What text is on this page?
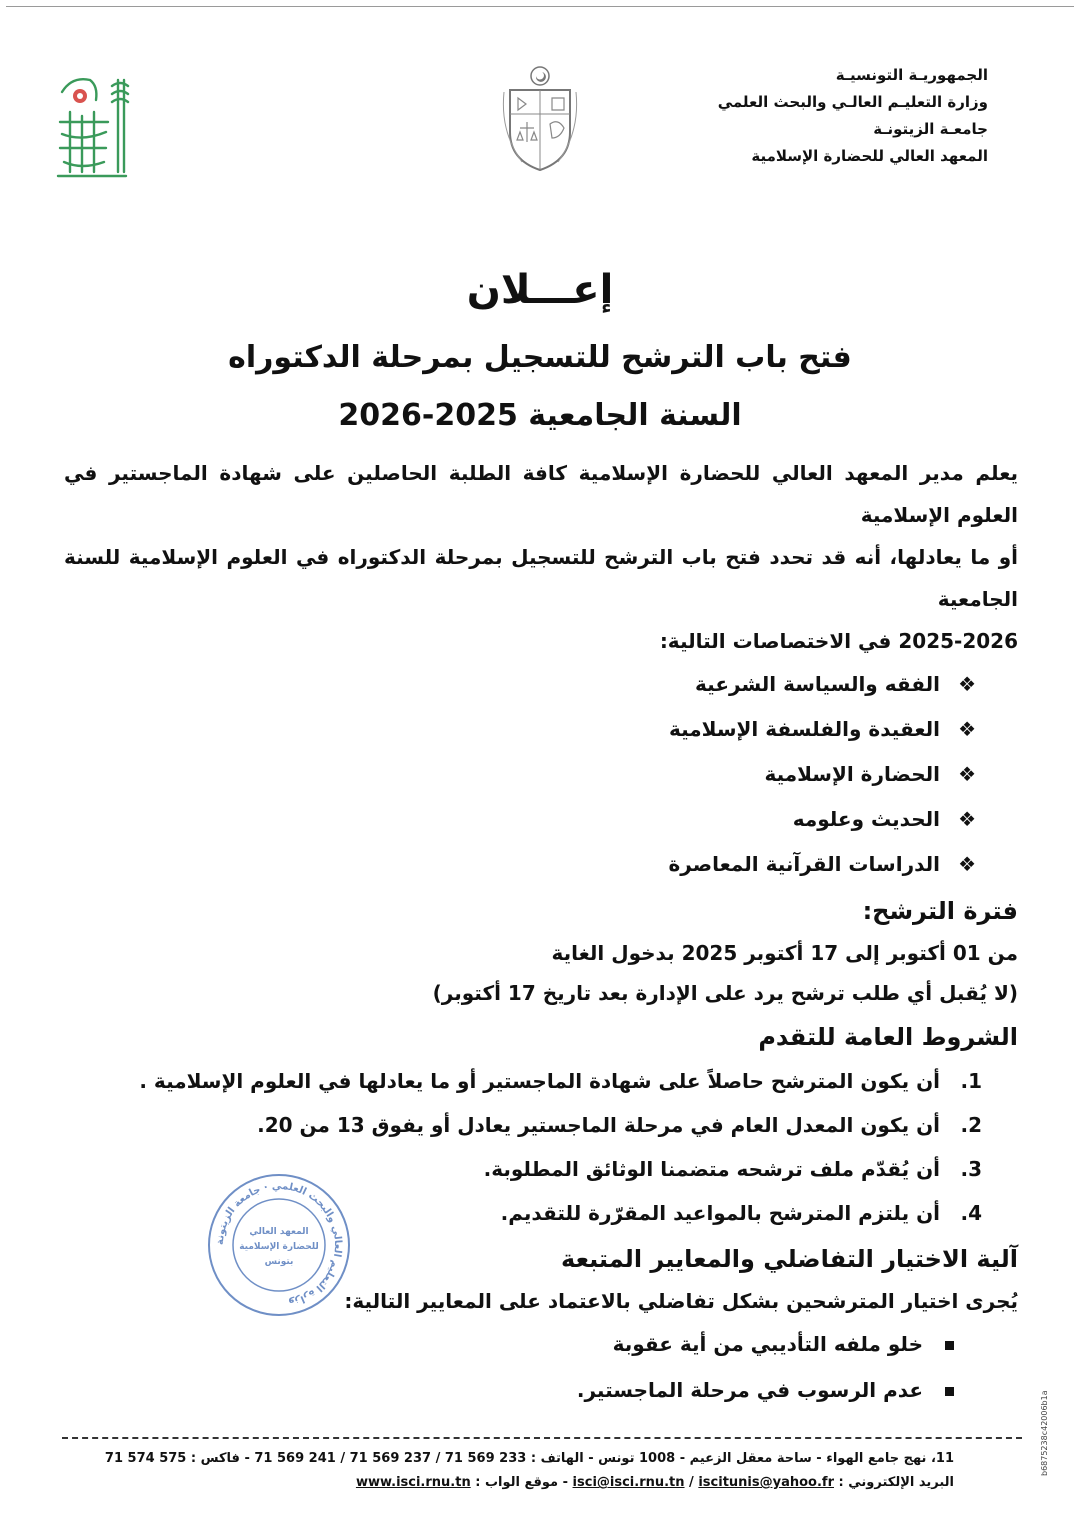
الجمهوريـة التونسيـة
وزارة التعليـم العالـي والبحث العلمي
جامعـة الزيتونـة
المعهد العالي للحضارة الإسلامية
إعـــلان
فتح باب الترشح للتسجيل بمرحلة الدكتوراه
السنة الجامعية 2025-2026
يعلم مدير المعهد العالي للحضارة الإسلامية كافة الطلبة الحاصلين على شهادة الماجستير في العلوم الإسلامية
أو ما يعادلها، أنه قد تحدد فتح باب الترشح للتسجيل بمرحلة الدكتوراه في العلوم الإسلامية للسنة الجامعية
2025-2026 في الاختصاصات التالية:
❖الفقه والسياسة الشرعية
❖العقيدة والفلسفة الإسلامية
❖الحضارة الإسلامية
❖الحديث وعلومه
❖الدراسات القرآنية المعاصرة
فترة الترشح:
من 01 أكتوبر إلى 17 أكتوبر 2025 بدخول الغاية
(لا يُقبل أي طلب ترشح يرد على الإدارة بعد تاريخ 17 أكتوبر)
الشروط العامة للتقدم
1.أن يكون المترشح حاصلاً على شهادة الماجستير أو ما يعادلها في العلوم الإسلامية .
2.أن يكون المعدل العام في مرحلة الماجستير يعادل أو يفوق 13 من 20.
3.أن يُقدّم ملف ترشحه متضمنا الوثائق المطلوبة.
4.أن يلتزم المترشح بالمواعيد المقرّرة للتقديم.
آلية الاختيار التفاضلي والمعايير المتبعة
يُجرى اختيار المترشحين بشكل تفاضلي بالاعتماد على المعايير التالية:
خلو ملفه التأديبي من أية عقوبة
عدم الرسوب في مرحلة الماجستير.
وزارة التعليم العالي والبحث العلمي · جامعة الزيتونة
المعهد العالي
للحضارة الإسلامية
بتونس
11، نهج جامع الهواء - ساحة معقل الزعيم - 1008 تونس - الهاتف : 233 569 71 / 237 569 71 / 241 569 71 - فاكس : 575 574 71
البريد الإلكتروني : isci@isci.rnu.tn / iscitunis@yahoo.fr - موقع الواب : www.isci.rnu.tn
b6875238c42006b1a
